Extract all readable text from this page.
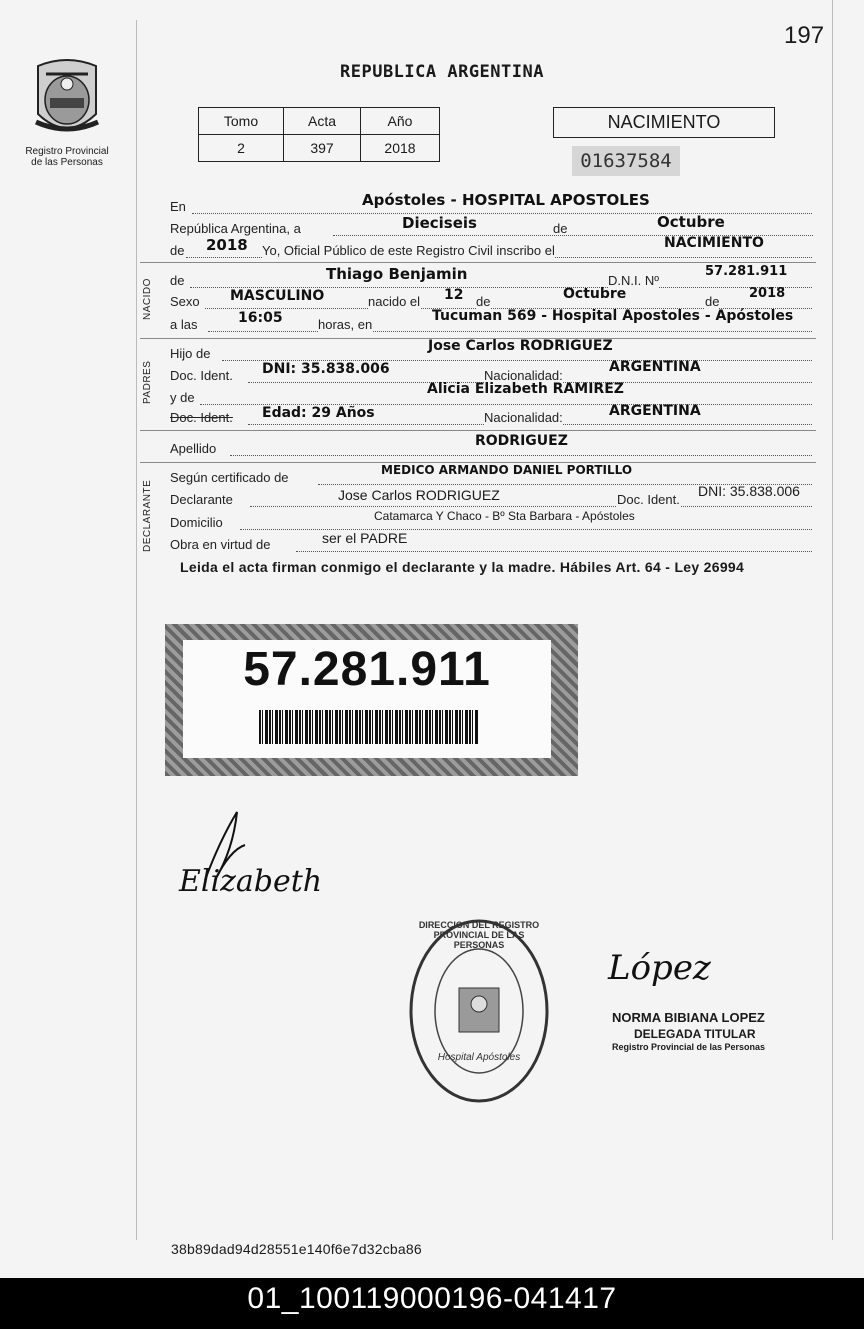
197
Registro Provincial
de las Personas
REPUBLICA ARGENTINA
Tomo	Acta	Año
2	397	2018
NACIMIENTO
01637584
En	Apóstoles - HOSPITAL APOSTOLES
República Argentina, a	Dieciseis	de	Octubre
de 2018 Yo, Oficial Público de este Registro Civil inscribo el	NACIMIENTO
NACIDO de	Thiago Benjamin	D.N.I. Nº
57.281.911
Sexo MASCULINO	nacido el 12 de	Octubre	de
2018
a las	16:05	horas, en
Tucuman 569 - Hospital Apostoles - Apóstoles
PADRES
Hijo de	Jose Carlos RODRIGUEZ
Doc. Ident. DNI: 35.838.006	Nacionalidad:
ARGENTINA
y de
Alicia Elizabeth RAMIREZ
Doc. Ident. Edad: 29 Años	Nacionalidad:	ARGENTINA
Apellido	RODRIGUEZ
DECLARANTE
Según certificado de	MEDICO ARMANDO DANIEL PORTILLO
Declarante	Jose Carlos RODRIGUEZ	Doc. Ident.
DNI: 35.838.006
Domicilio	Catamarca Y Chaco - Bº Sta Barbara - Apóstoles
Obra en virtud de	ser el PADRE
Leida el acta firman conmigo el declarante y la madre. Hábiles Art. 64 - Ley 26994
57.281.911
Elizabeth
DIRECCION DEL REGISTRO PROVINCIAL DE LAS PERSONAS
Hospital Apóstoles
López
NORMA BIBIANA LOPEZ
DELEGADA TITULAR
Registro Provincial de las Personas
38b89dad94d28551e140f6e7d32cba86
01_100119000196-041417
